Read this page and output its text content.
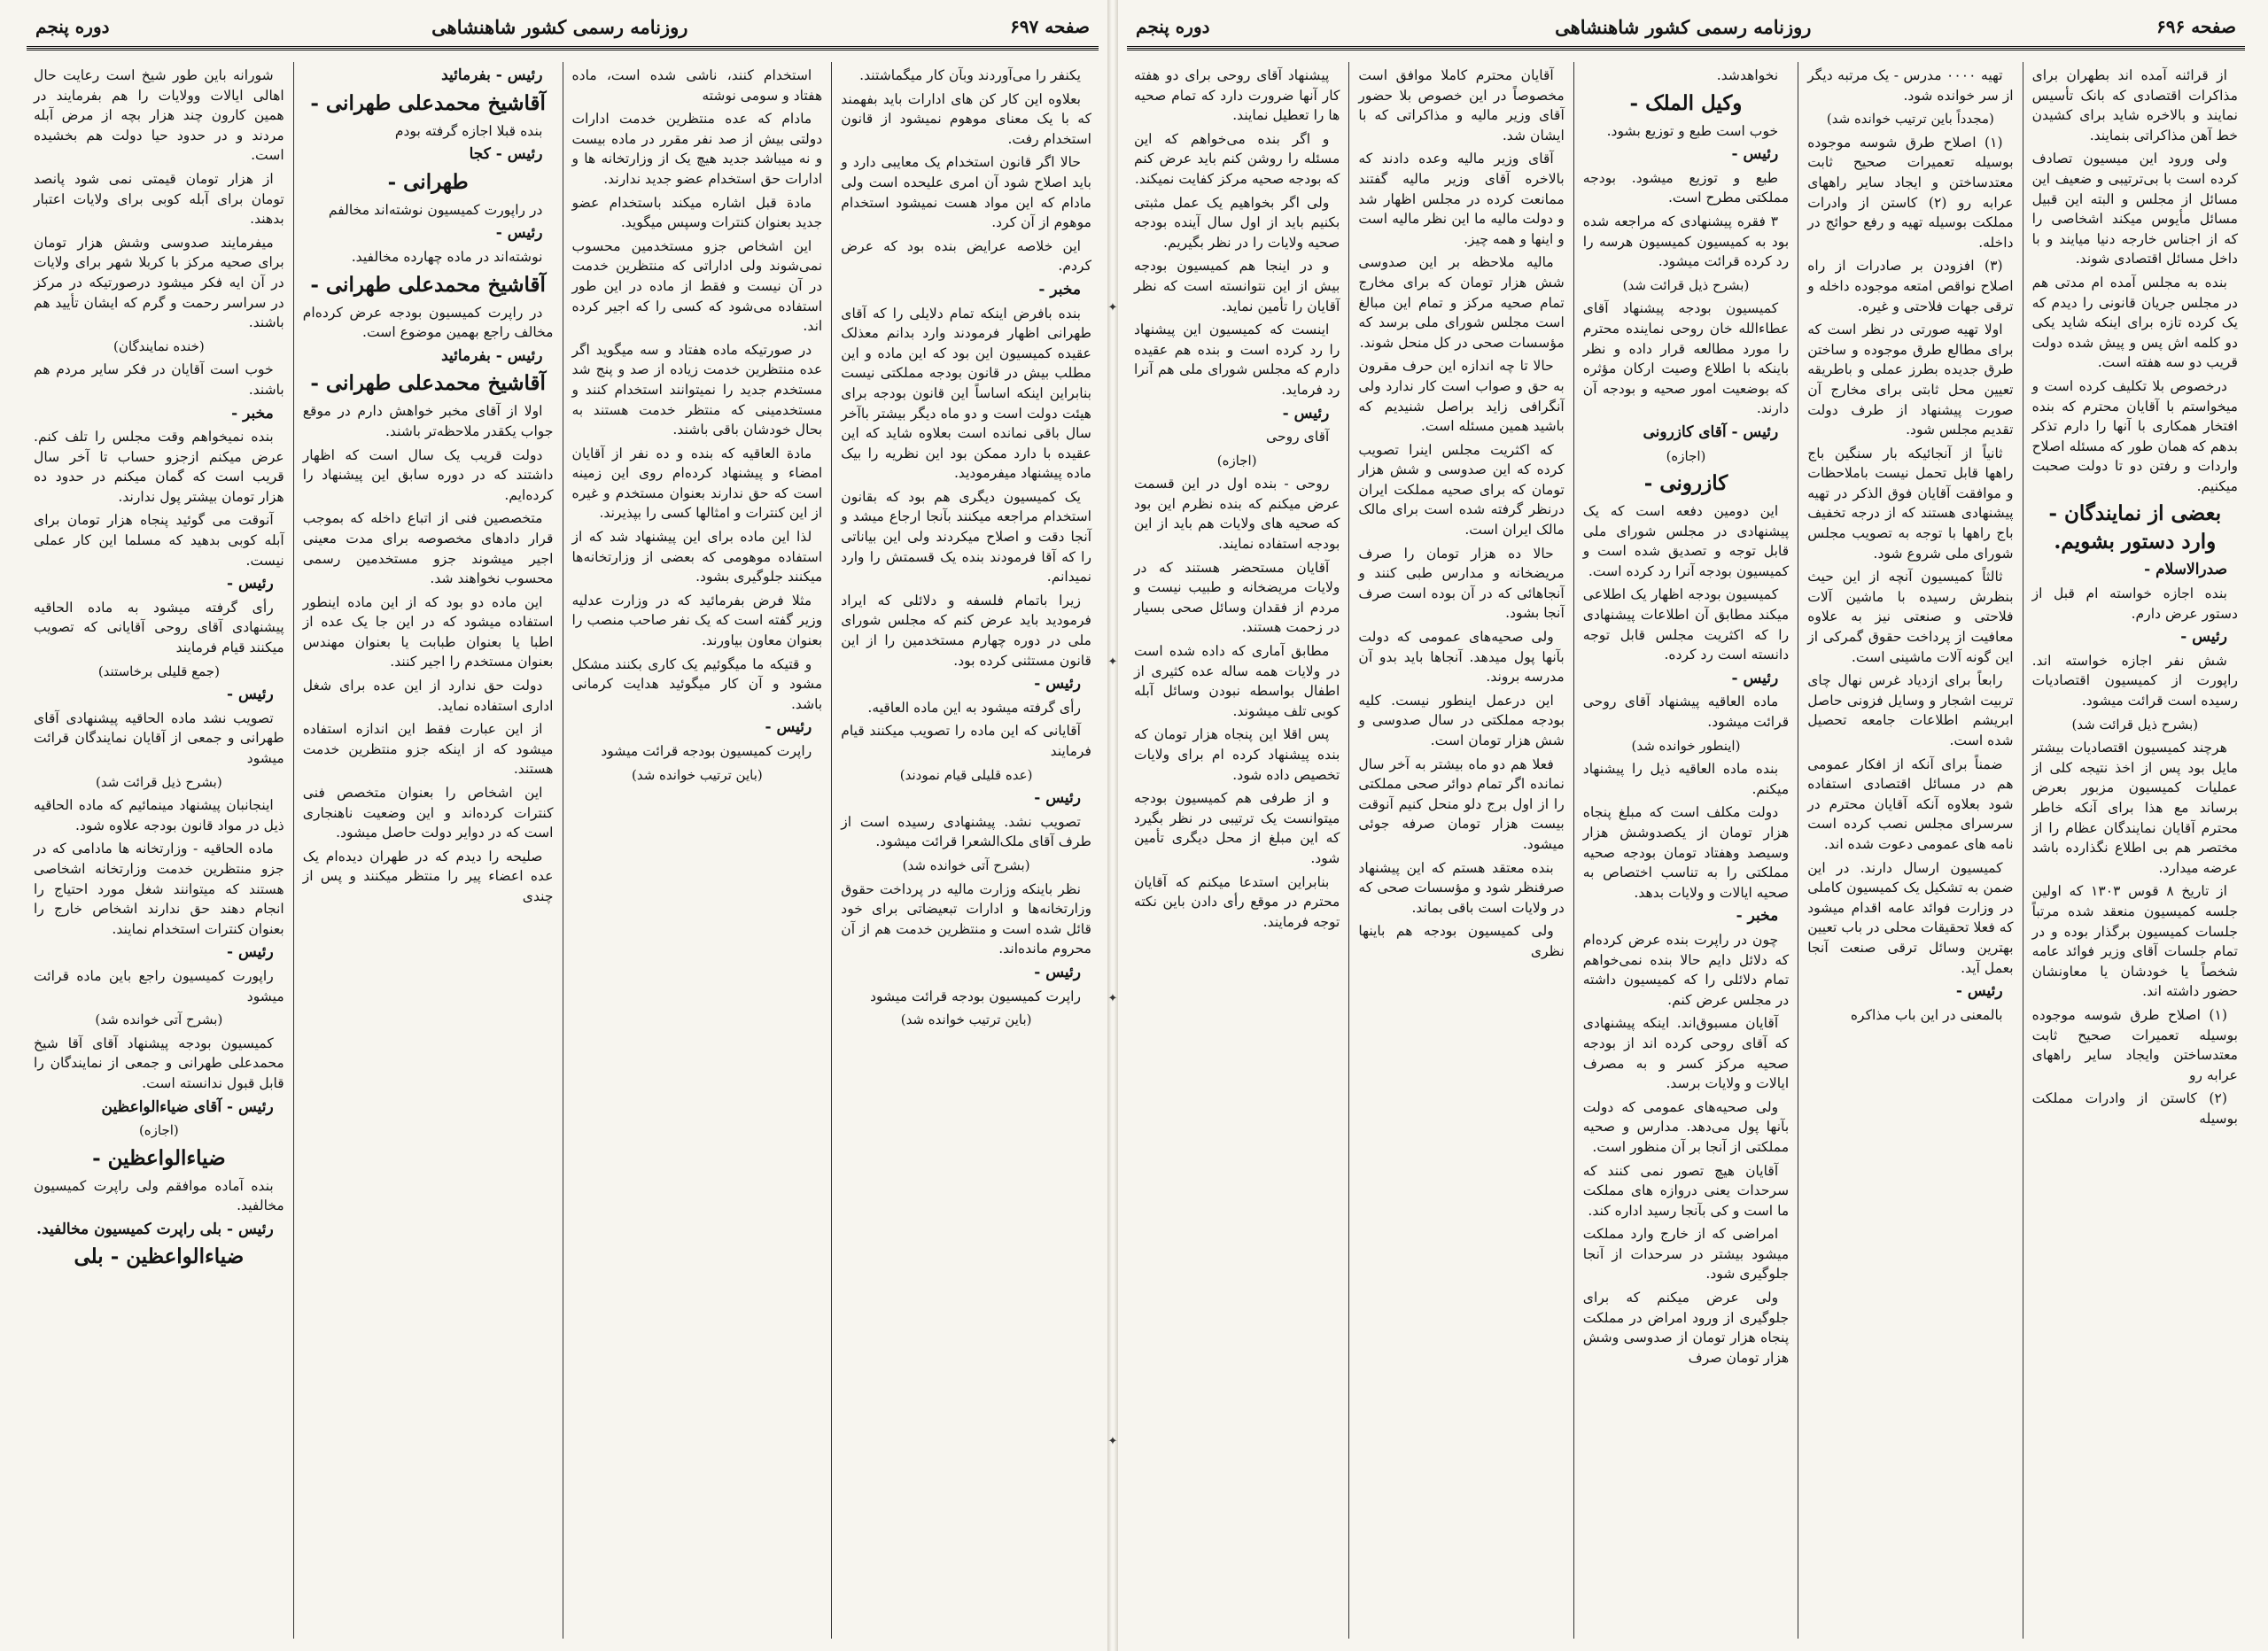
صفحه ۶۹۷
روزنامه رسمی کشور شاهنشاهی
دوره پنجم

یکنفر را می‌آوردند وبآن کار میگماشتند.

بعلاوه این کار کن های ادارات باید بفهمند که با یک معنای موهوم نمیشود از قانون استخدام رفت.

حالا اگر قانون استخدام یک معایبی دارد و باید اصلاح شود آن امری علیحده است ولی مادام که این مواد هست نمیشود استخدام موهوم از آن کرد.

این خلاصه عرایض بنده بود که عرض کردم.

مخبر -

بنده بافرض اینکه تمام دلایلی را که آقای طهرانی اظهار فرمودند وارد بدانم معذلک عقیده کمیسیون این بود که این ماده و این مطلب بیش در قانون بودجه مملکتی نیست بنابراین اینکه اساساً این قانون بودجه برای هیئت دولت است و دو ماه دیگر بیشتر باآخر سال باقی نمانده است بعلاوه شاید که این عقیده با دارد ممکن بود این نظریه را بیک ماده پیشنهاد میفرمودید.

یک کمیسیون دیگری هم بود که بقانون استخدام مراجعه میکنند بآنجا ارجاع میشد و آنجا دقت و اصلاح میکردند ولی این بیاناتی را که آقا فرمودند بنده یک قسمتش را وارد نمیدانم.

زیرا باتمام فلسفه و دلائلی که ایراد فرمودید باید عرض کنم که مجلس شورای ملی در دوره چهارم مستخدمین را از این قانون مستثنی کرده بود.

رئیس -

رأی گرفته میشود به این ماده العاقیه.

آقایانی که این ماده را تصویب میکنند قیام فرمایند

(عده قلیلی قیام نمودند)

رئیس -

تصویب نشد. پیشنهادی رسیده است از طرف آقای ملک‌الشعرا قرائت میشود.

(بشرح آتی خوانده شد)

نظر باینکه وزارت مالیه در پرداخت حقوق وزارتخانه‌ها و ادارات تبعیضاتی برای خود قائل شده است و منتظرین خدمت هم از آن محروم مانده‌اند.

رئیس -

راپرت کمیسیون بودجه قرائت میشود

(باین ترتیب خوانده شد)

استخدام کنند، ناشی شده است، ماده هفتاد و سومی نوشته

مادام که عده منتظرین خدمت ادارات دولتی بیش از صد نفر مقرر در ماده بیست و نه میباشد جدید هیچ یک از وزارتخانه ها و ادارات حق استخدام عضو جدید ندارند.

مادة قبل اشاره میکند باستخدام عضو جدید بعنوان کنترات وسپس میگوید.

این اشخاص جزو مستخدمین محسوب نمی‌شوند ولی اداراتی که منتظرین خدمت در آن نیست و فقط از ماده در این طور استفاده می‌شود که کسی را که اجیر کرده اند.

در صورتیکه ماده هفتاد و سه میگوید اگر عده منتظرین خدمت زیاده از صد و پنج شد مستخدم جدید را نمیتوانند استخدام کنند و مستخدمینی که منتظر خدمت هستند به بحال خودشان باقی باشند.

مادة العاقیه که بنده و ده نفر از آقایان امضاء و پیشنهاد کرده‌ام روی این زمینه است که حق ندارند بعنوان مستخدم و غیره از این کنترات و امثالها کسی را بپذیرند.

لذا این ماده برای این پیشنهاد شد که از استفاده موهومی که بعضی از وزارتخانه‌ها میکنند جلوگیری بشود.

مثلا فرض بفرمائید که در وزارت عدلیه وزیر گفته است که یک نفر صاحب منصب را بعنوان معاون بیاورند.

و قتیکه ما میگوئیم یک کاری بکنند مشکل مشود و آن کار میگوئید هدایت کرمانی باشد.

رئیس -

راپرت کمیسیون بودجه قرائت میشود

(باین ترتیب خوانده شد)

رئیس - بفرمائید

آقاشیخ محمدعلی طهرانی -

بنده قبلا اجازه گرفته بودم

رئیس - کجا

طهرانی -

در راپورت کمیسیون نوشته‌اند مخالفم

رئیس -

نوشته‌اند در ماده چهارده مخالفید.

آقاشیخ محمدعلی طهرانی -

در راپرت کمیسیون بودجه عرض کرده‌ام مخالف راجع بهمین موضوع است.

رئیس - بفرمائید

آقاشیخ محمدعلی طهرانی -

اولا از آقای مخبر خواهش دارم در موقع جواب یکقدر ملاحظه‌تر باشند.

دولت قریب یک سال است که اظهار داشتند که در دوره سابق این پیشنهاد را کرده‌ایم.

متخصصین فنی از اتباع داخله که بموجب قرار دادهای مخصوصه برای مدت معینی اجیر میشوند جزو مستخدمین رسمی محسوب نخواهند شد.

این ماده دو بود که از این ماده اینطور استفاده میشود که در این جا یک عده از اطبا یا بعنوان طبابت یا بعنوان مهندس بعنوان مستخدم را اجیر کنند.

دولت حق ندارد از این عده برای شغل اداری استفاده نماید.

از این عبارت فقط این اندازه استفاده میشود که از اینکه جزو منتظرین خدمت هستند.

این اشخاص را بعنوان متخصص فنی کنترات کرده‌اند و این وضعیت ناهنجاری است که در دوایر دولت حاصل میشود.

صلیحه را دیدم که در طهران دیده‌ام یک عده اعضاء پیر را منتظر میکنند و پس از چندی

شورانه باین طور شیخ است رعایت حال اهالی ایالات وولایات را هم بفرمایند در همین کارون چند هزار بچه از مرض آبله مردند و در حدود حیا دولت هم بخشیده است.

از هزار تومان قیمتی نمی شود پانصد تومان برای آبله کوبی برای ولایات اعتبار بدهند.

میفرمایند صدوسی وشش هزار تومان برای صحیه مرکز با کربلا شهر برای ولایات در آن ایه فکر میشود درصورتیکه در مرکز در سراسر رحمت و گرم که ایشان تأیید هم باشند.

(خنده نمایندگان)

خوب است آقایان در فکر سایر مردم هم باشند.

مخبر -

بنده نمیخواهم وقت مجلس را تلف کنم. عرض میکنم ازجزو حساب تا آخر سال قریب است که گمان میکنم در حدود ده هزار تومان بیشتر پول ندارند.

آنوقت می گوئید پنجاه هزار تومان برای آبله کوبی بدهید که مسلما این کار عملی نیست.

رئیس -

رأی گرفته میشود به ماده الحاقیه پیشنهادی آقای روحی آقایانی که تصویب میکنند قیام فرمایند

(جمع قلیلی برخاستند)

رئیس -

تصویب نشد ماده الحاقیه پیشنهادی آقای طهرانی و جمعی از آقایان نمایندگان قرائت میشود

(بشرح ذیل قرائت شد)

اینجانبان پیشنهاد مینمائیم که ماده الحاقیه ذیل در مواد قانون بودجه علاوه شود.

ماده الحاقیه - وزارتخانه ها مادامی که در جزو منتظرین خدمت وزارتخانه اشخاصی هستند که میتوانند شغل مورد احتیاج را انجام دهند حق ندارند اشخاص خارج را بعنوان کنترات استخدام نمایند.

رئیس -

راپورت کمیسیون راجع باین ماده قرائت میشود

(بشرح آتی خوانده شد)

کمیسیون بودجه پیشنهاد آقای آقا شیخ محمدعلی طهرانی و جمعی از نمایندگان را قابل قبول ندانسته است.

رئیس - آقای ضیاءالواعظین

(اجازه)
ضیاءالواعظین -

بنده آماده موافقم ولی راپرت کمیسیون مخالفید.

رئیس - بلی راپرت کمیسیون مخالفید.

ضیاءالواعظین - بلی
✦
✦
✦
✦
صفحه ۶۹۶
روزنامه رسمی کشور شاهنشاهی
دوره پنجم

از قرائنه آمده اند بطهران برای مذاکرات اقتصادی که بانک تأسیس نمایند و بالاخره شاید برای کشیدن خط آهن مذاکراتی بنمایند.

ولی ورود این میسیون تصادف کرده است با بی‌ترتیبی و ضعیف این مسائل از مجلس و البته این قبیل مسائل مأیوس میکند اشخاصی را که از اجناس خارجه دنیا میایند و با داخل مسائل اقتصادی شوند.

بنده به مجلس آمده ام مدتی هم در مجلس جریان قانونی را دیدم که یک کرده تازه برای اینکه شاید یکی دو کلمه اش پس و پیش شده دولت قریب دو سه هفته است.

درخصوص بلا تکلیف کرده است و میخواستم با آقایان محترم که بنده افتخار همکاری با آنها را دارم تذکر بدهم که همان طور که مسئله اصلاح واردات و رفتن دو تا دولت صحبت میکنیم.

بعضی از نمایندگان - وارد دستور بشویم.

صدرالاسلام -

بنده اجازه خواسته ام قبل از دستور عرض دارم.

رئیس -

شش نفر اجازه خواسته اند. راپورت از کمیسیون اقتصادیات رسیده است قرائت میشود.

(بشرح ذیل قرائت شد)

هرچند کمیسیون اقتصادیات بیشتر مایل بود پس از اخذ نتیجه کلی از عملیات کمیسیون مزبور بعرض برساند مع هذا برای آنکه خاطر محترم آقایان نمایندگان عظام را از مختصر هم بی اطلاع نگذارده باشد عرضه میدارد.

از تاریخ ۸ قوس ۱۳۰۳ که اولین جلسه کمیسیون منعقد شده مرتباً جلسات کمیسیون برگذار بوده و در تمام جلسات آقای وزیر فوائد عامه شخصاً یا خودشان یا معاونشان حضور داشته اند.

(۱) اصلاح طرق شوسه موجوده بوسیله تعمیرات صحیح ثابت معتدساختن وایجاد سایر راههای عرابه رو

(۲) کاستن از وادرات مملکت بوسیله

تهیه ۰۰۰۰ مدرس - یک مرتبه دیگر از سر خوانده شود.

(مجدداً باین ترتیب خوانده شد)

(۱) اصلاح طرق شوسه موجوده بوسیله تعمیرات صحیح ثابت معتدساختن و ایجاد سایر راههای عرابه رو (۲) کاستن از وادرات مملکت بوسیله تهیه و رفع حوائج در داخله.

(۳) افزودن بر صادرات از راه اصلاح نواقص امتعه موجوده داخله و ترقی جهات فلاحتی و غیره.

اولا تهیه صورتی در نظر است که برای مطالع طرق موجوده و ساختن طرق جدیده بطرز عملی و باطریقه تعیین محل ثابتی برای مخارج آن صورت پیشنهاد از طرف دولت تقدیم مجلس شود.

ثانیاً از آنجائیکه بار سنگین باج راهها قابل تحمل نیست باملاحظات و موافقت آقایان فوق الذکر در تهیه پیشنهادی هستند که از درجه تخفیف باج راهها با توجه به تصویب مجلس شورای ملی شروع شود.

ثالثاً کمیسیون آنچه از این حیث بنظرش رسیده با ماشین آلات فلاحتی و صنعتی نیز به علاوه معافیت از پرداخت حقوق گمرکی از این گونه آلات ماشینی است.

رابعاً برای ازدیاد غرس نهال چای تربیت اشجار و وسایل فزونی حاصل ابریشم اطلاعات جامعه تحصیل شده است.

ضمناً برای آنکه از افکار عمومی هم در مسائل اقتصادی استفاده شود بعلاوه آنکه آقایان محترم در سرسرای مجلس نصب کرده است نامه های عمومی دعوت شده اند.

کمیسیون ارسال دارند. در این ضمن به تشکیل یک کمیسیون کاملی در وزارت فوائد عامه اقدام میشود که فعلا تحقیقات محلی در باب تعیین بهترین وسائل ترقی صنعت آنجا بعمل آید.

رئیس -

بالمعنی در این باب مذاکره

نخواهدشد.

وکیل الملک -

خوب است طبع و توزیع بشود.

رئیس -

طبع و توزیع میشود. بودجه مملکتی مطرح است.

۳ فقره پیشنهادی که مراجعه شده بود به کمیسیون کمیسیون هرسه را رد کرده قرائت میشود.

(بشرح ذیل قرائت شد)

کمیسیون بودجه پیشنهاد آقای عطاءالله خان روحی نماینده محترم را مورد مطالعه قرار داده و نظر باینکه با اطلاع وصیت ارکان مؤثره که بوضعیت امور صحیه و بودجه آن دارند.

رئیس - آقای کازرونی

(اجازه)
کازرونی -

این دومین دفعه است که یک پیشنهادی در مجلس شورای ملی قابل توجه و تصدیق شده است و کمیسیون بودجه آنرا رد کرده است.

کمیسیون بودجه اظهار یک اطلاعی میکند مطابق آن اطلاعات پیشنهادی را که اکثریت مجلس قابل توجه دانسته است رد کرده.

رئیس -

ماده العاقیه پیشنهاد آقای روحی قرائت میشود.

(اینطور خوانده شد)

بنده ماده العاقیه ذیل را پیشنهاد میکنم.

دولت مکلف است که مبلغ پنجاه هزار تومان از یکصدوشش هزار وسیصد وهفتاد تومان بودجه صحیه مملکتی را به تناسب اختصاص به صحیه ایالات و ولایات بدهد.

مخبر -

چون در راپرت بنده عرض کرده‌ام که دلائل دایم حالا بنده نمی‌خواهم تمام دلائلی را که کمیسیون داشته در مجلس عرض کنم.

آقایان مسبوق‌اند. اینکه پیشنهادی که آقای روحی کرده اند از بودجه صحیه مرکز کسر و به مصرف ایالات و ولایات برسد.

ولی صحیه‌های عمومی که دولت بآنها پول می‌دهد. مدارس و صحیه مملکتی از آنجا بر آن منظور است.

آقایان هیچ تصور نمی کنند که سرحدات یعنی دروازه های مملکت ما است و کی بآنجا رسید اداره کند.

امراضی که از خارج وارد مملکت میشود بیشتر در سرحدات از آنجا جلوگیری شود.

ولی عرض میکنم که برای جلوگیری از ورود امراض در مملکت پنجاه هزار تومان از صدوسی وشش هزار تومان صرف

آقایان محترم کاملا موافق است مخصوصاً در این خصوص بلا حضور آقای وزیر مالیه و مذاکراتی که با ایشان شد.

آقای وزیر مالیه وعده دادند که بالاخره آقای وزیر مالیه گفتند ممانعت کرده در مجلس اظهار شد و دولت مالیه ما این نظر مالیه است و اینها و همه چیز.

مالیه ملاحظه بر این صدوسی شش هزار تومان که برای مخارج تمام صحیه مرکز و تمام این مبالغ است مجلس شورای ملی برسد که مؤسسات صحی در کل منحل شوند.

حالا تا چه اندازه این حرف مقرون به حق و صواب است کار ندارد ولی آنگرافی زاید براصل شنیدیم که باشید همین مسئله است.

که اکثریت مجلس اینرا تصویب کرده که این صدوسی و شش هزار تومان که برای صحیه مملکت ایران درنظر گرفته شده است برای مالک مالک ایران است.

حالا ده هزار تومان را صرف مریضخانه و مدارس طبی کنند و آنجاهائی که در آن بوده است صرف آنجا بشود.

ولی صحیه‌های عمومی که دولت بآنها پول میدهد. آنجاها باید بدو آن مدرسه بروند.

این درعمل اینطور نیست. کلیه بودجه مملکتی در سال صدوسی و شش هزار تومان است.

فعلا هم دو ماه بیشتر به آخر سال نمانده اگر تمام دوائر صحی مملکتی را از اول برج دلو منحل کنیم آنوقت بیست هزار تومان صرفه جوئی میشود.

بنده معتقد هستم که این پیشنهاد صرفنظر شود و مؤسسات صحی که در ولایات است باقی بماند.

ولی کمیسیون بودجه هم باینها نظری

پیشنهاد آقای روحی برای دو هفته کار آنها ضرورت دارد که تمام صحیه ها را تعطیل نمایند.

و اگر بنده می‌خواهم که این مسئله را روشن کنم باید عرض کنم که بودجه صحیه مرکز کفایت نمیکند.

ولی اگر بخواهیم یک عمل مثبتی بکنیم باید از اول سال آینده بودجه صحیه ولایات را در نظر بگیریم.

و در اینجا هم کمیسیون بودجه بیش از این نتوانسته است که نظر آقایان را تأمین نماید.

اینست که کمیسیون این پیشنهاد را رد کرده است و بنده هم عقیده دارم که مجلس شورای ملی هم آنرا رد فرماید.

رئیس -

آقای روحی

(اجازه)

روحی - بنده اول در این قسمت عرض میکنم که بنده نظرم این بود که صحیه های ولایات هم باید از این بودجه استفاده نمایند.

آقایان مستحضر هستند که در ولایات مریضخانه و طبیب نیست و مردم از فقدان وسائل صحی بسیار در زحمت هستند.

مطابق آماری که داده شده است در ولایات همه ساله عده کثیری از اطفال بواسطه نبودن وسائل آبله کوبی تلف میشوند.

پس اقلا این پنجاه هزار تومان که بنده پیشنهاد کرده ام برای ولایات تخصیص داده شود.

و از طرفی هم کمیسیون بودجه میتوانست یک ترتیبی در نظر بگیرد که این مبلغ از محل دیگری تأمین شود.

بنابراین استدعا میکنم که آقایان محترم در موقع رأی دادن باین نکته توجه فرمایند.
